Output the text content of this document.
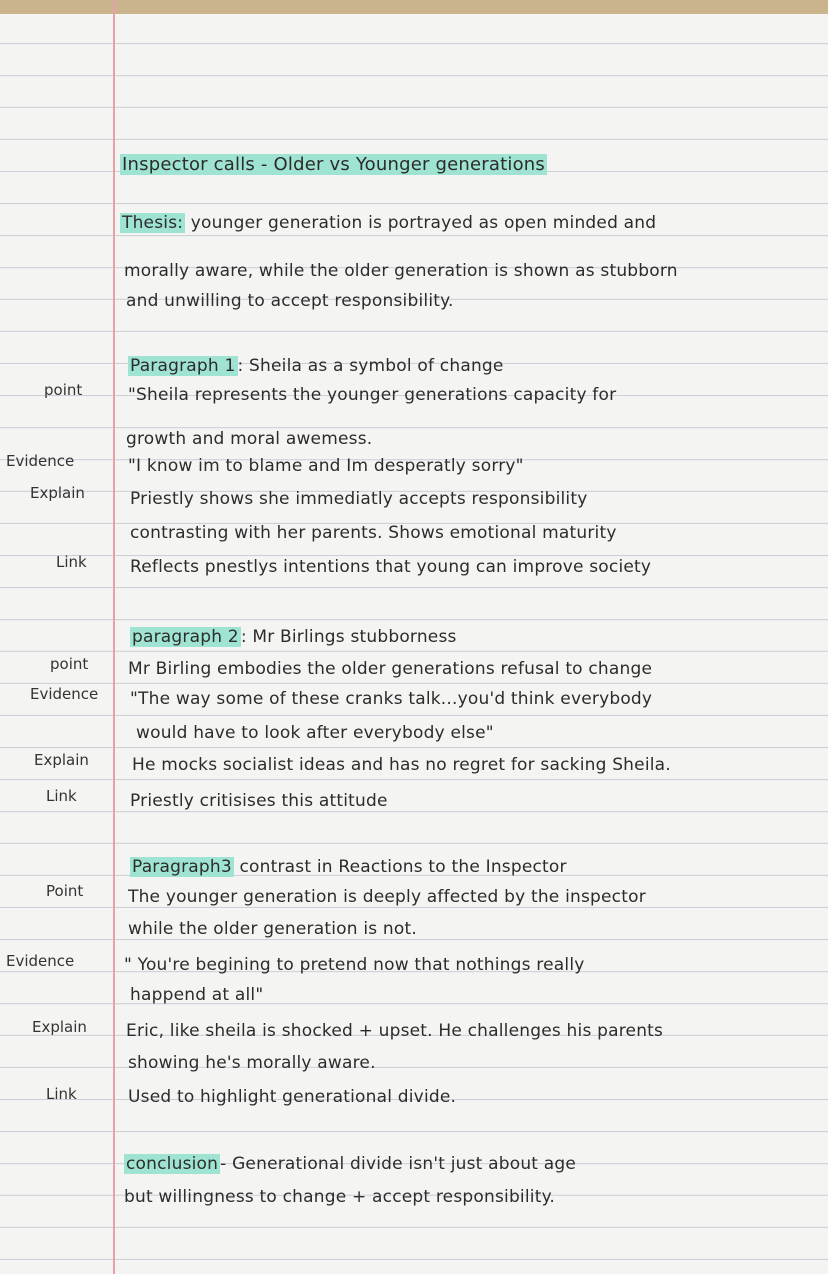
Inspector calls - Older vs Younger generations
Thesis: younger generation is portrayed as open minded and
morally aware, while the older generation is shown as stubborn
and unwilling to accept responsibility.
Paragraph 1 : Sheila as a symbol of change
point	"Sheila represents the younger generations capacity for
growth and moral awemess.
Evidence	"I know im to blame and Im desperatly sorry"
Explain	Priestly shows she immediatly accepts responsibility
contrasting with her parents. Shows emotional maturity
Link	Reflects pnestlys intentions that young can improve society
paragraph 2 : Mr Birlings stubborness
point Mr Birling embodies the older generations refusal to change
Evidence "The way some of these cranks talk...you'd think everybody
would have to look after everybody else"
Explain	He mocks socialist ideas and has no regret for sacking Sheila.
Link	Priestly critisises this attitude
Paragraph3 contrast in Reactions to the Inspector
Point	The younger generation is deeply affected by the inspector
while the older generation is not.
Evidence	" You're begining to pretend now that nothings really
happend at all"
Explain Eric, like sheila is shocked + upset. He challenges his parents
showing he's morally aware.
Link	Used to highlight generational divide.
conclusion - Generational divide isn't just about age
but willingness to change + accept responsibility.
